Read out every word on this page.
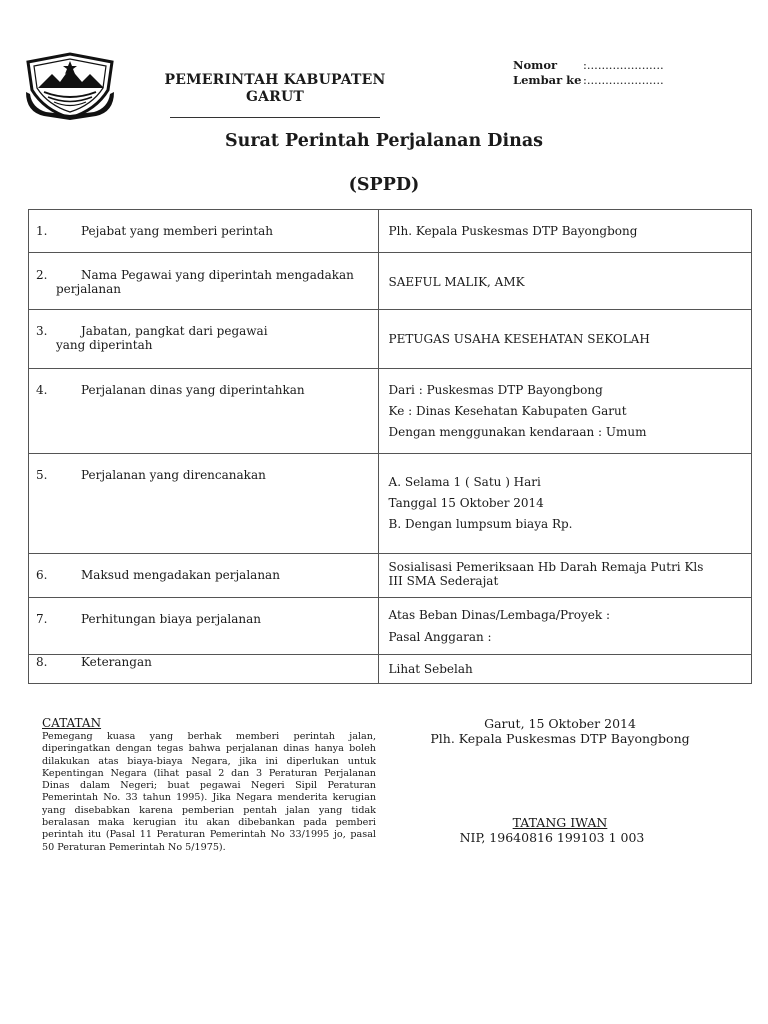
PEMERINTAH KABUPATEN
GARUT
Nomor :.....................
Lembar ke :.....................
Surat Perintah Perjalanan Dinas
(SPPD)
1. Pejabat yang memberi perintah	Plh. Kepala Puskesmas DTP Bayongbong

2. Nama Pegawai yang diperintah mengadakan
perjalanan	SAEFUL MALIK, AMK

3. Jabatan, pangkat dari pegawai
yang diperintah	PETUGAS USAHA KESEHATAN SEKOLAH

4. Perjalanan dinas yang diperintahkan	Dari : Puskesmas DTP Bayongbong
Ke : Dinas Kesehatan Kabupaten Garut
Dengan menggunakan kendaraan : Umum

5. Perjalanan yang direncanakan	A. Selama 1 ( Satu ) Hari
Tanggal 15 Oktober 2014
B. Dengan lumpsum biaya Rp.

6. Maksud mengadakan perjalanan	Sosialisasi Pemeriksaan Hb Darah Remaja Putri Kls
III SMA Sederajat

7. Perhitungan biaya perjalanan	Atas Beban Dinas/Lembaga/Proyek :
Pasal Anggaran :

8. Keterangan	Lihat Sebelah
CATATAN
Pemegang kuasa yang berhak memberi perintah jalan, diperingatkan dengan tegas bahwa perjalanan dinas hanya boleh dilakukan atas biaya-biaya Negara, jika ini diperlukan untuk Kepentingan Negara (lihat pasal 2 dan 3 Peraturan Perjalanan Dinas dalam Negeri; buat pegawai Negeri Sipil Peraturan Pemerintah No. 33 tahun 1995). Jika Negara menderita kerugian yang disebabkan karena pemberian pentah jalan yang tidak beralasan maka kerugian itu akan dibebankan pada pemberi perintah itu (Pasal 11 Peraturan Pemerintah No 33/1995 jo, pasal 50 Peraturan Pemerintah No 5/1975).
Garut, 15 Oktober 2014
Plh. Kepala Puskesmas DTP Bayongbong
TATANG IWAN
NIP, 19640816 199103 1 003
